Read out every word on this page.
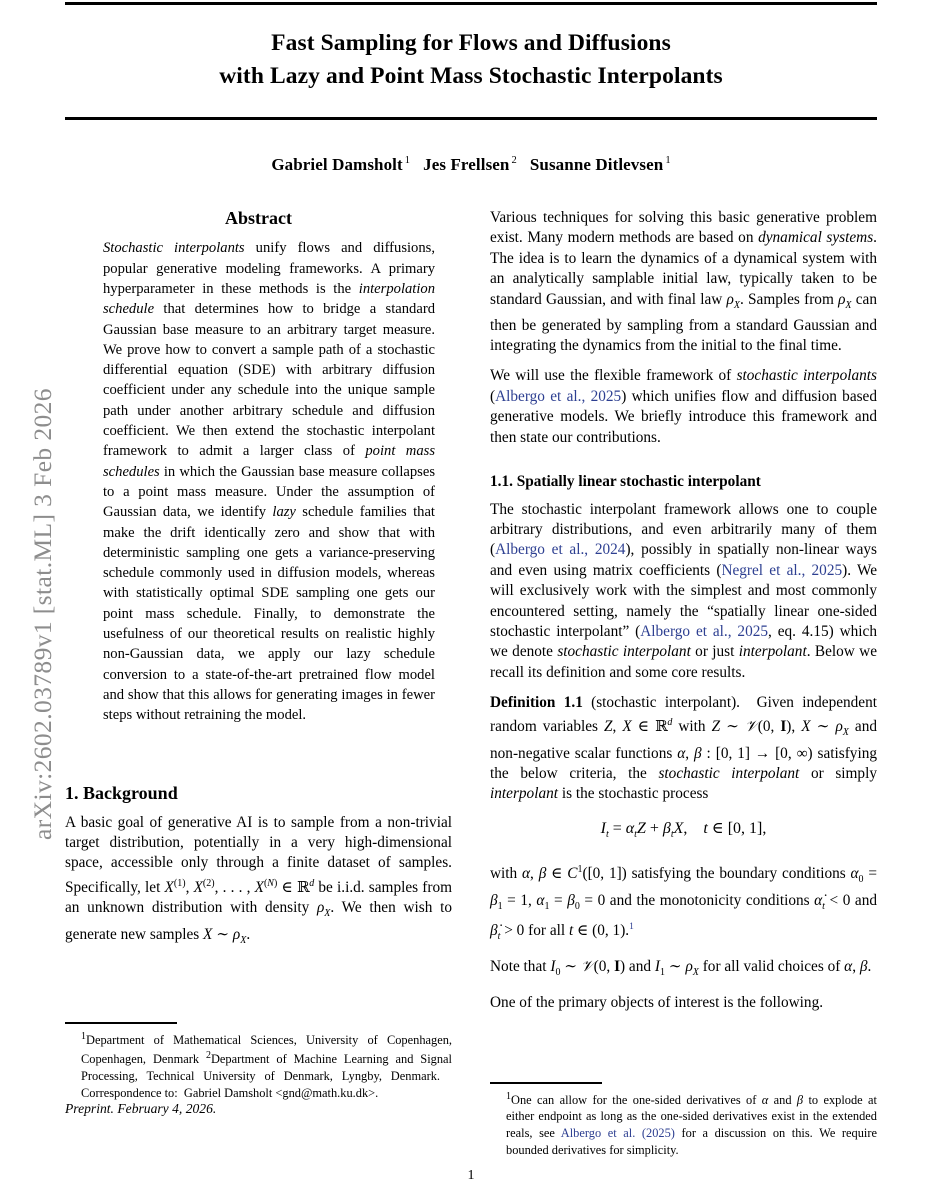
arXiv:2602.03789v1 [stat.ML] 3 Feb 2026
Fast Sampling for Flows and Diffusions
with Lazy and Point Mass Stochastic Interpolants
Gabriel Damsholt $^1$ Jes Frellsen $^2$ Susanne Ditlevsen $^1$
Abstract
Stochastic interpolants unify flows and diffusions, popular generative modeling frameworks. A primary hyperparameter in these methods is the interpolation schedule that determines how to bridge a standard Gaussian base measure to an arbitrary target measure. We prove how to convert a sample path of a stochastic differential equation (SDE) with arbitrary diffusion coefficient under any schedule into the unique sample path under another arbitrary schedule and diffusion coefficient. We then extend the stochastic interpolant framework to admit a larger class of point mass schedules in which the Gaussian base measure collapses to a point mass measure. Under the assumption of Gaussian data, we identify lazy schedule families that make the drift identically zero and show that with deterministic sampling one gets a variance-preserving schedule commonly used in diffusion models, whereas with statistically optimal SDE sampling one gets our point mass schedule. Finally, to demonstrate the usefulness of our theoretical results on realistic highly non-Gaussian data, we apply our lazy schedule conversion to a state-of-the-art pretrained flow model and show that this allows for generating images in fewer steps without retraining the model.
1. Background

A basic goal of generative AI is to sample from a non-trivial target distribution, potentially in a very high-dimensional space, accessible only through a finite dataset of samples. Specifically, let $X^{(1)}$, $X^{(2)}$, . . . , $X^{(N)}$ ∈ ℝ$^d$ be i.i.d. samples from an unknown distribution with density $\rho_X$. We then wish to generate new samples X ∼ $\rho_X$.

$^1$Department of Mathematical Sciences, University of Copenhagen, Copenhagen, Denmark $^2$Department of Machine Learning and Signal Processing, Technical University of Denmark, Lyngby, Denmark.   Correspondence to:  Gabriel Damsholt <gnd@math.ku.dk>.

Preprint. February 4, 2026.

Various techniques for solving this basic generative problem exist. Many modern methods are based on dynamical systems. The idea is to learn the dynamics of a dynamical system with an analytically samplable initial law, typically taken to be standard Gaussian, and with final law $\rho_X$. Samples from $\rho_X$ can then be generated by sampling from a standard Gaussian and integrating the dynamics from the initial to the final time.

We will use the flexible framework of stochastic interpolants (Albergo et al., 2025) which unifies flow and diffusion based generative models. We briefly introduce this framework and then state our contributions.

1.1. Spatially linear stochastic interpolant

The stochastic interpolant framework allows one to couple arbitrary distributions, and even arbitrarily many of them (Albergo et al., 2024), possibly in spatially non-linear ways and even using matrix coefficients (Negrel et al., 2025). We will exclusively work with the simplest and most commonly encountered setting, namely the “spatially linear one-sided stochastic interpolant” (Albergo et al., 2025, eq. 4.15) which we denote stochastic interpolant or just interpolant. Below we recall its definition and some core results.

Definition 1.1 (stochastic interpolant).  Given independent random variables Z, X ∈ ℝ$^d$ with Z ∼ 𝒱(0, I), X ∼ $\rho_X$ and non-negative scalar functions α, β : [0, 1] → [0, ∞) satisfying the below criteria, the stochastic interpolant or simply interpolant is the stochastic process

$I_t = \alpha_tZ + \beta_tX$,    t ∈ [0, 1],

with α, β ∈ $C^1([0$, 1]) satisfying the boundary conditions $\alpha_0 = \beta_1 = 1$, $\alpha_1 = \beta_0 = 0$ and the monotonicity conditions $\alphȧ_t < 0$ and $\betȧ_t > 0$ for all t ∈ (0, 1).$^1$

Note that $I_0$ ∼ 𝒱(0, I) and $I_1$ ∼ $\rho_X$ for all valid choices of α, β.

One of the primary objects of interest is the following.

$^1$One can allow for the one-sided derivatives of α and β to explode at either endpoint as long as the one-sided derivatives exist in the extended reals, see Albergo et al. (2025) for a discussion on this. We require bounded derivatives for simplicity.

1
